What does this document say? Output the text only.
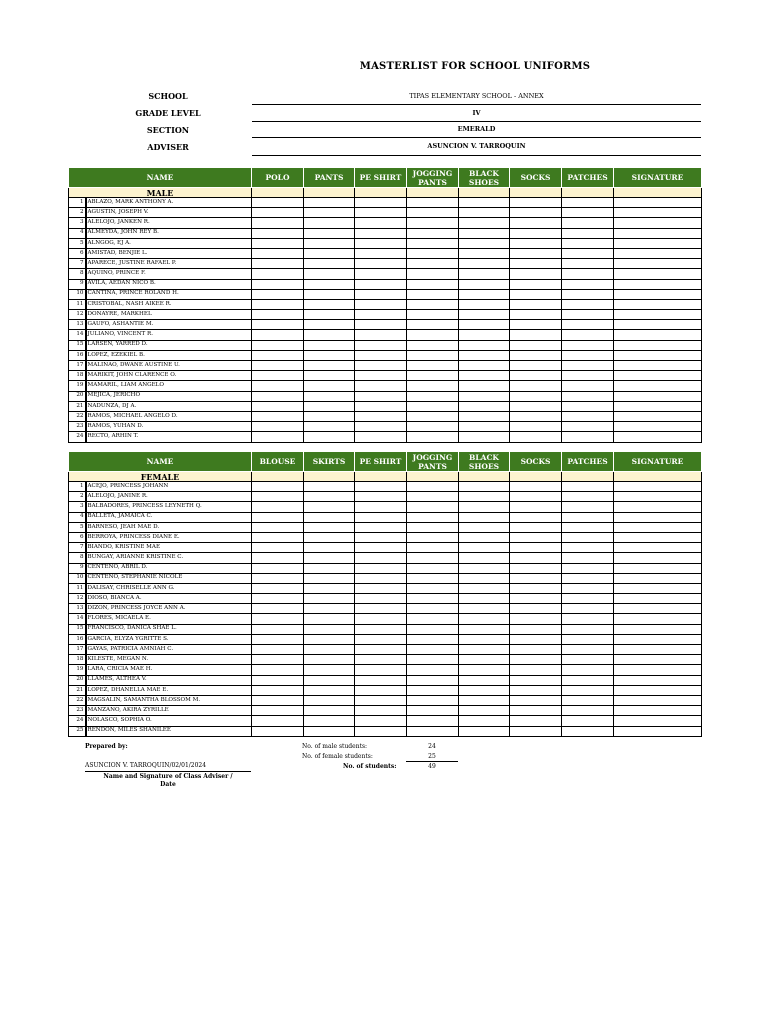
MASTERLIST FOR SCHOOL UNIFORMS
SCHOOL	TIPAS ELEMENTARY SCHOOL - ANNEX
GRADE LEVEL	IV
SECTION	EMERALD
ADVISER	ASUNCION V. TARROQUIN
NAME		POLO	PANTS	PE SHIRT	JOGGING PANTS	BLACK SHOES	SOCKS	PATCHES	SIGNATURE
MALE									
1	ABLAZO, MARK ANTHONY A.								
2	AGUSTIN, JOSEPH V.								
3	ALELOJO, JANKEN R.								
4	ALMEYDA, JOHN REY B.								
5	ALNGOG, EJ A.								
6	AMISTAD, BENJIE L.								
7	APARECE, JUSTINE RAFAEL P.								
8	AQUINO, PRINCE F.								
9	AVILA, AEDAN NICO B.								
10	CANTINA, PRINCE ROLAND H.								
11	CRISTOBAL, NASH AIKEE R.								
12	DONAYRE, MARKHEL								
13	GAUFO, ASHANTIE M.								
14	JULIANO, VINCENT R.								
15	LARSEN, YARRED D.								
16	LOPEZ, EZEKIEL B.								
17	MALINAO, DWANE AUSTINE U.								
18	MARIKIT, JOHN CLARENCE O.								
19	MAMARIL, LIAM ANGELO								
20	MEJICA, JERICHO								
21	NADUNZA, DJ A.								
22	RAMOS, MICHAEL ANGELO D.								
23	RAMOS, YUHAN D.								
24	RECTO, ARHIN T.								
NAME		BLOUSE	SKIRTS	PE SHIRT	JOGGING PANTS	BLACK SHOES	SOCKS	PATCHES	SIGNATURE
FEMALE									
1	ACEJO, PRINCESS JOHANN								
2	ALELOJO, JANINE R.								
3	BALBADORES, PRINCESS LEYNETH Q.								
4	BALLETA, JAMAICA C.								
5	BARNESO, JEAH MAE D.								
6	BERROYA, PRINCESS DIANE E.								
7	BIANDO, KRISTINE MAE								
8	BUNGAY, ARIANNE KRISTINE C.								
9	CENTENO, ABRIL D.								
10	CENTENO, STEPHANIE NICOLE								
11	DALISAY, CHRISELLE ANN G.								
12	DIOSO, BIANCA A.								
13	DIZON, PRINCESS JOYCE ANN A.								
14	FLORES, MICAELA E.								
15	FRANCISCO, DANICA SHAE L.								
16	GARCIA, ELYZA YGRITTE S.								
17	GAYAS, PATRICIA AMNIAH C.								
18	KILESTE, MEGAN N.								
19	LARA, CRICIA MAE H.								
20	LLAMES, ALTHEA V.								
21	LOPEZ, DHANELLA MAE E.								
22	MAGSALIN, SAMANTHA BLOSSOM M.								
23	MANZANO, AKIRA ZYRILLE								
24	NOLASCO, SOPHIA O.								
25	RENDON, MILES SHANILEE								
Prepared by:
ASUNCION V. TARROQUIN/02/01/2024
Name and Signature of Class Adviser /
Date
No. of male students:	24
No. of female students:	25
No. of students:	49
